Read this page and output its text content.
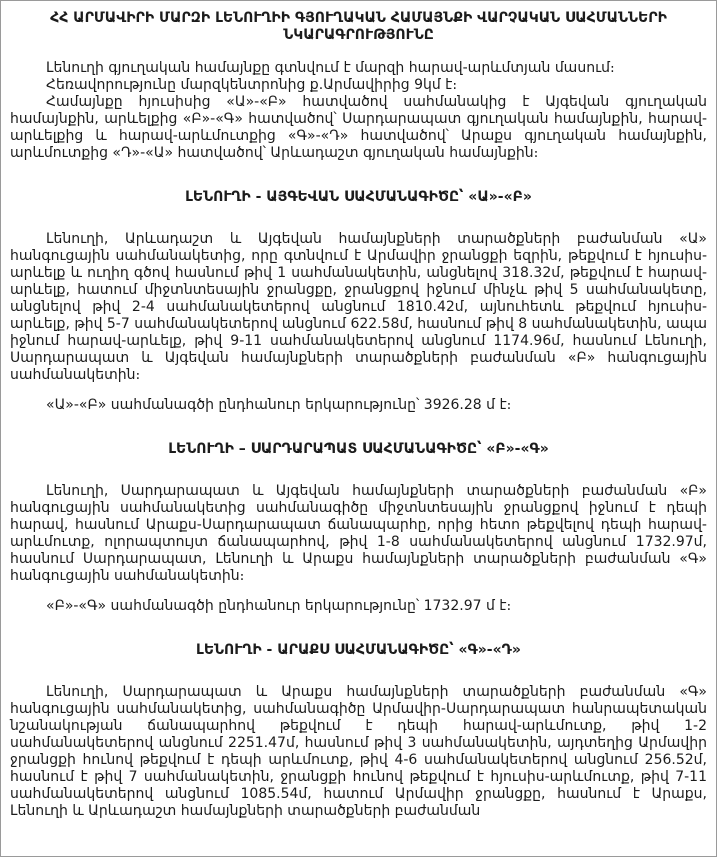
ՀՀ ԱՐՄԱՎԻՐԻ ՄԱՐԶԻ ԼԵՆՈՒՂԻԻ ԳՅՈՒՂԱԿԱՆ ՀԱՄԱՅՆՔԻ ՎԱՐՉԱԿԱՆ ՍԱՀՄԱՆՆԵՐԻ
ՆԿԱՐԱԳՐՈՒԹՅՈՒՆԸ

Լենուղի գյուղական համայնքը գտնվում է մարզի հարավ-արևմտյան մասում։

Հեռավորությունը մարզկենտրոնից ք.Արմավիրից 9կմ է։

Համայնքը հյուսիսից «Ա»-«Բ» հատվածով սահմանակից է Այգեվան գյուղական համայնքին, արևելքից «Բ»-«Գ» հատվածով՝ Սարդարապատ գյուղական համայնքին, հարավ-արևելքից և հարավ-արևմուտքից «Գ»-«Դ» հատվածով՝ Արաքս գյուղական համայնքին, արևմուտքից «Դ»-«Ա» հատվածով՝ Արևադաշտ գյուղական համայնքին։

ԼԵՆՈՒՂԻ - ԱՅԳԵՎԱՆ ՍԱՀՄԱՆԱԳԻԾԸ՝ «Ա»-«Բ»

Լենուղի, Արևադաշտ և Այգեվան համայնքների տարածքների բաժանման «Ա» հանգուցային սահմանակետից, որը գտնվում է Արմավիր ջրանցքի եզրին, թեքվում է հյուսիս-արևելք և ուղիղ գծով հասնում թիվ 1 սահմանակետին, անցնելով 318.32մ, թեքվում է հարավ-արևելք, հատում միջտնտեսային ջրանցքը, ջրանցքով իջնում մինչև թիվ 5 սահմանակետը, անցնելով թիվ 2-4 սահմանակետերով անցնում 1810.42մ, այնուհետև թեքվում հյուսիս-արևելք, թիվ 5-7 սահմանակետերով անցնում 622.58մ, հասնում թիվ 8 սահմանակետին, ապա իջնում հարավ-արևելք, թիվ 9-11 սահմանակետերով անցնում 1174.96մ, հասնում Լենուղի, Սարդարապատ և Այգեվան համայնքների տարածքների բաժանման «Բ» հանգուցային սահմանակետին։

«Ա»-«Բ» սահմանագծի ընդհանուր երկարությունը՝ 3926.28 մ է։

ԼԵՆՈՒՂԻ – ՍԱՐԴԱՐԱՊԱՏ ՍԱՀՄԱՆԱԳԻԾԸ՝ «Բ»-«Գ»

Լենուղի, Սարդարապատ և Այգեվան համայնքների տարածքների բաժանման «Բ» հանգուցային սահմանակետից սահմանագիծը միջտնտեսային ջրանցքով իջնում է դեպի հարավ, հասնում Արաքս-Սարդարապատ ճանապարհը, որից հետո թեքվելով դեպի հարավ-արևմուտք, ոլորապտույտ ճանապարհով, թիվ 1-8 սահմանակետերով անցնում 1732.97մ, հասնում Սարդարապատ, Լենուղի և Արաքս համայնքների տարածքների բաժանման «Գ» հանգուցային սահմանակետին։

«Բ»-«Գ» սահմանագծի ընդհանուր երկարությունը՝ 1732.97 մ է։

ԼԵՆՈՒՂԻ - ԱՐԱՔՍ ՍԱՀՄԱՆԱԳԻԾԸ՝ «Գ»-«Դ»

Լենուղի, Սարդարապատ և Արաքս համայնքների տարածքների բաժանման «Գ» հանգուցային սահմանակետից, սահմանագիծը Արմավիր-Սարդարապատ հանրապետական նշանակության ճանապարհով թեքվում է դեպի հարավ-արևմուտք, թիվ 1-2 սահմանակետերով անցնում 2251.47մ, հասնում թիվ 3 սահմանակետին, այդտեղից Արմավիր ջրանցքի հունով թեքվում է դեպի արևմուտք, թիվ 4-6 սահմանակետերով անցնում 256.52մ, հասնում է թիվ 7 սահմանակետին, ջրանցքի հունով թեքվում է հյուսիս-արևմուտք, թիվ 7-11 սահմանակետերով անցնում 1085.54մ, հատում Արմավիր ջրանցքը, հասնում է Արաքս, Լենուղի և Արևադաշտ համայնքների տարածքների բաժանման
